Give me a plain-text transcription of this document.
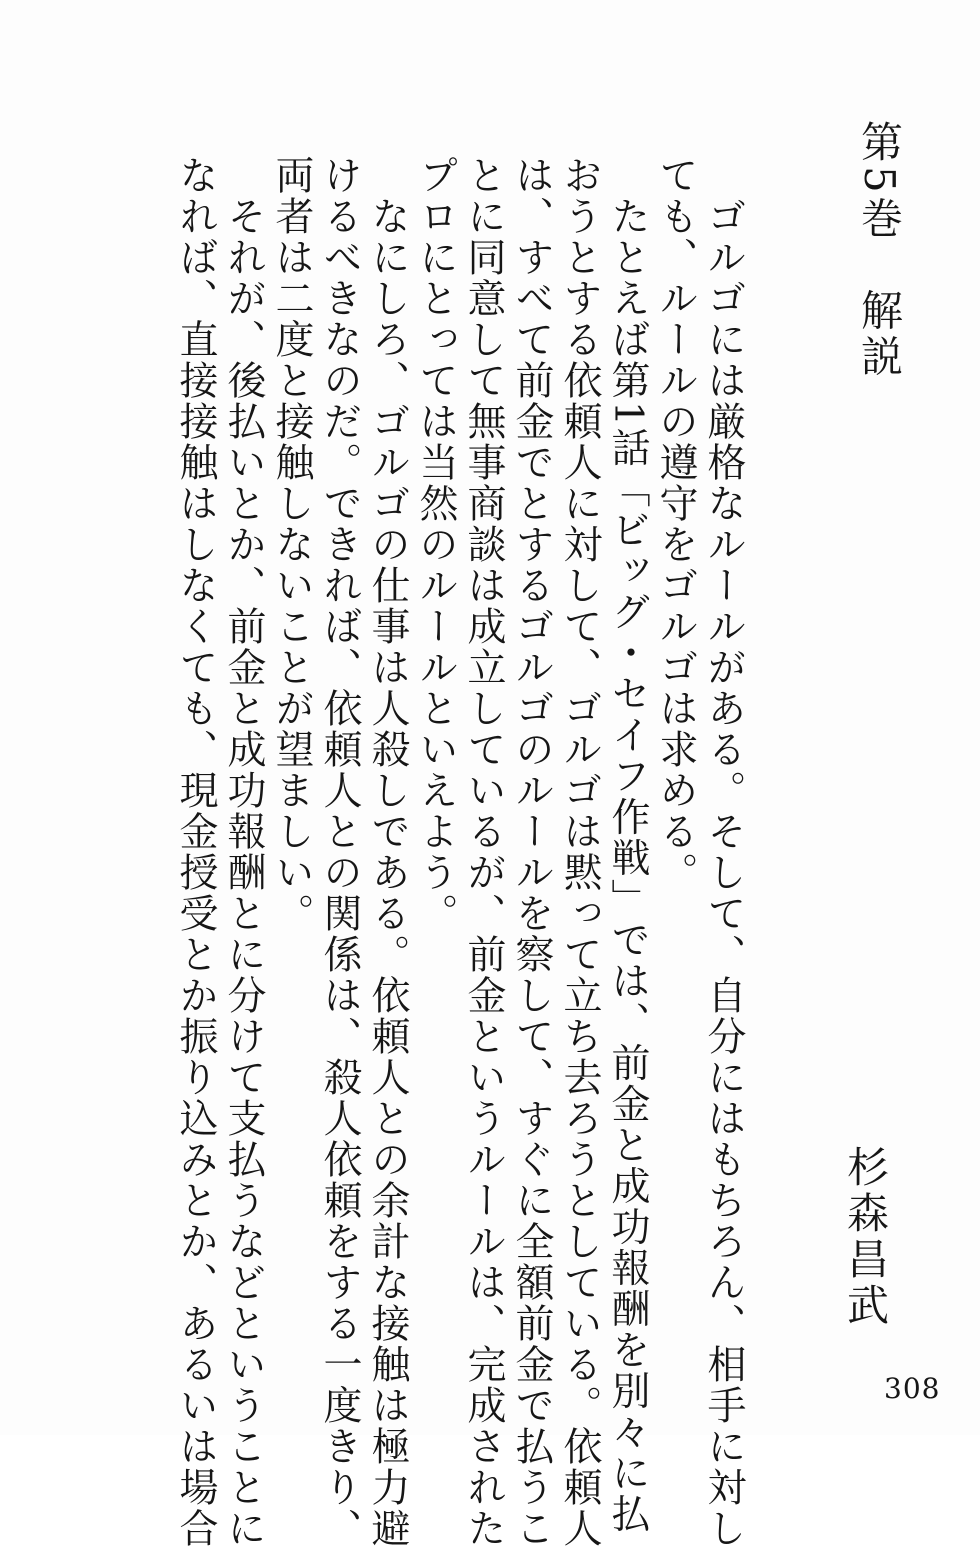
第5巻　解説
　ゴルゴには厳格なルールがある。そして、自分にはもちろん、相手に対し
ても、ルールの遵守をゴルゴは求める。
　たとえば第1話「ビッグ・セイフ作戦」では、前金と成功報酬を別々に払
おうとする依頼人に対して、ゴルゴは黙って立ち去ろうとしている。依頼人
は、すべて前金でとするゴルゴのルールを察して、すぐに全額前金で払うこ
とに同意して無事商談は成立しているが、前金というルールは、完成された
プロにとっては当然のルールといえよう。
　なにしろ、ゴルゴの仕事は人殺しである。依頼人との余計な接触は極力避
けるべきなのだ。できれば、依頼人との関係は、殺人依頼をする一度きり、
両者は二度と接触しないことが望ましい。
　それが、後払いとか、前金と成功報酬とに分けて支払うなどということに
なれば、直接接触はしなくても、現金授受とか振り込みとか、あるいは場合	杉森昌武
308
